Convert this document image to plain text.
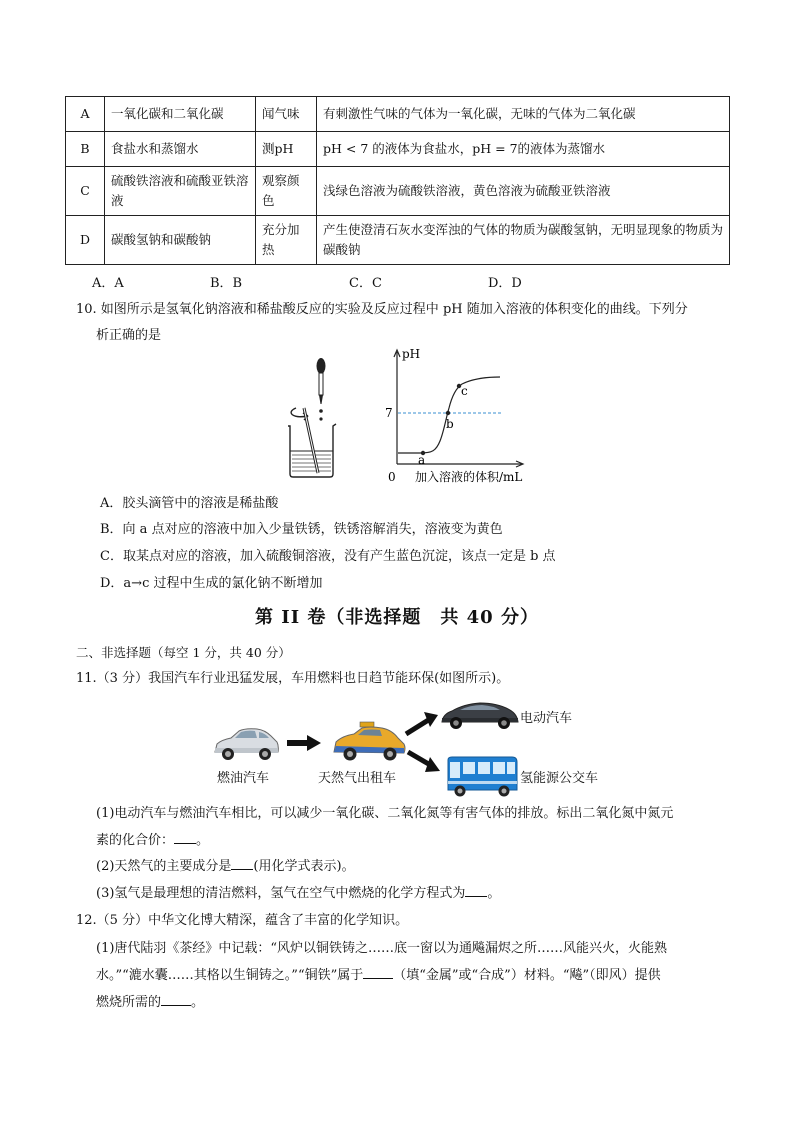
A	一氧化碳和二氧化碳	闻气味	有刺激性气味的气体为一氧化碳，无味的气体为二氧化碳
B	食盐水和蒸馏水	测pH	pH < 7 的液体为食盐水，pH = 7的液体为蒸馏水
C	硫酸铁溶液和硫酸亚铁溶液	观察颜色	浅绿色溶液为硫酸铁溶液，黄色溶液为硫酸亚铁溶液
D	碳酸氢钠和碳酸钠	充分加热	产生使澄清石灰水变浑浊的气体的物质为碳酸氢钠，无明显现象的物质为碳酸钠
A．A	B．B	C．C	D．D
10. 如图所示是氢氧化钠溶液和稀盐酸反应的实验及反应过程中 pH 随加入溶液的体积变化的曲线。下列分
析正确的是
pH
7
a
b
c
0 加入溶液的体积/mL
A．胶头滴管中的溶液是稀盐酸
B．向 a 点对应的溶液中加入少量铁锈，铁锈溶解消失，溶液变为黄色
C．取某点对应的溶液，加入硫酸铜溶液，没有产生蓝色沉淀，该点一定是 b 点
D．a→c 过程中生成的氯化钠不断增加
第 II 卷（非选择题　共 40 分）
二、非选择题（每空 1 分，共 40 分）
11.（3 分）我国汽车行业迅猛发展，车用燃料也日趋节能环保(如图所示)。
燃油汽车	天然气出租车
电动汽车
氢能源公交车
(1)电动汽车与燃油汽车相比，可以减少一氧化碳、二氧化氮等有害气体的排放。标出二氧化氮中氮元
素的化合价： 。
(2)天然气的主要成分是 (用化学式表示)。
(3)氢气是最理想的清洁燃料，氢气在空气中燃烧的化学方程式为 。
12.（5 分）中华文化博大精深，蕴含了丰富的化学知识。
(1)唐代陆羽《茶经》中记载：“风炉以铜铁铸之……底一窗以为通飚漏烬之所……风能兴火，火能熟
水。”“漉水囊……其格以生铜铸之。”“铜铁”属于 （填“金属”或“合成”）材料。“飚”（即风）提供
燃烧所需的 。
